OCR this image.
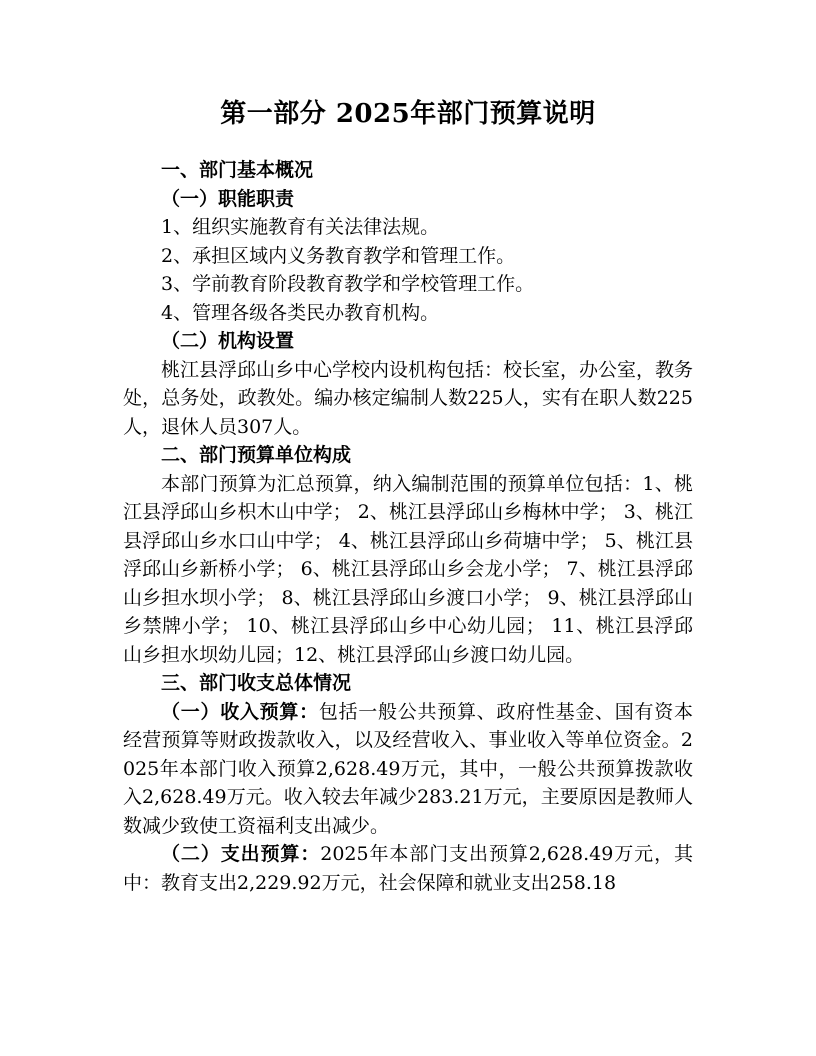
第一部分 2025年部门预算说明

一、部门基本概况

（一）职能职责

1、组织实施教育有关法律法规。

2、承担区域内义务教育教学和管理工作。

3、学前教育阶段教育教学和学校管理工作。

4、管理各级各类民办教育机构。

（二）机构设置

桃江县浮邱山乡中心学校内设机构包括：校长室，办公室，教务处，总务处，政教处。编办核定编制人数225人，实有在职人数225人，退休人员307人。

二、部门预算单位构成

本部门预算为汇总预算，纳入编制范围的预算单位包括：1、桃江县浮邱山乡枳木山中学； 2、桃江县浮邱山乡梅林中学； 3、桃江县浮邱山乡水口山中学； 4、桃江县浮邱山乡荷塘中学； 5、桃江县浮邱山乡新桥小学； 6、桃江县浮邱山乡会龙小学； 7、桃江县浮邱山乡担水坝小学； 8、桃江县浮邱山乡渡口小学； 9、桃江县浮邱山乡禁牌小学； 10、桃江县浮邱山乡中心幼儿园； 11、桃江县浮邱山乡担水坝幼儿园；12、桃江县浮邱山乡渡口幼儿园。

三、部门收支总体情况

（一）收入预算：包括一般公共预算、政府性基金、国有资本经营预算等财政拨款收入，以及经营收入、事业收入等单位资金。2025年本部门收入预算2,628.49万元，其中，一般公共预算拨款收入2,628.49万元。收入较去年减少283.21万元，主要原因是教师人数减少致使工资福利支出减少。

（二）支出预算：2025年本部门支出预算2,628.49万元，其中：教育支出2,229.92万元，社会保障和就业支出258.18
